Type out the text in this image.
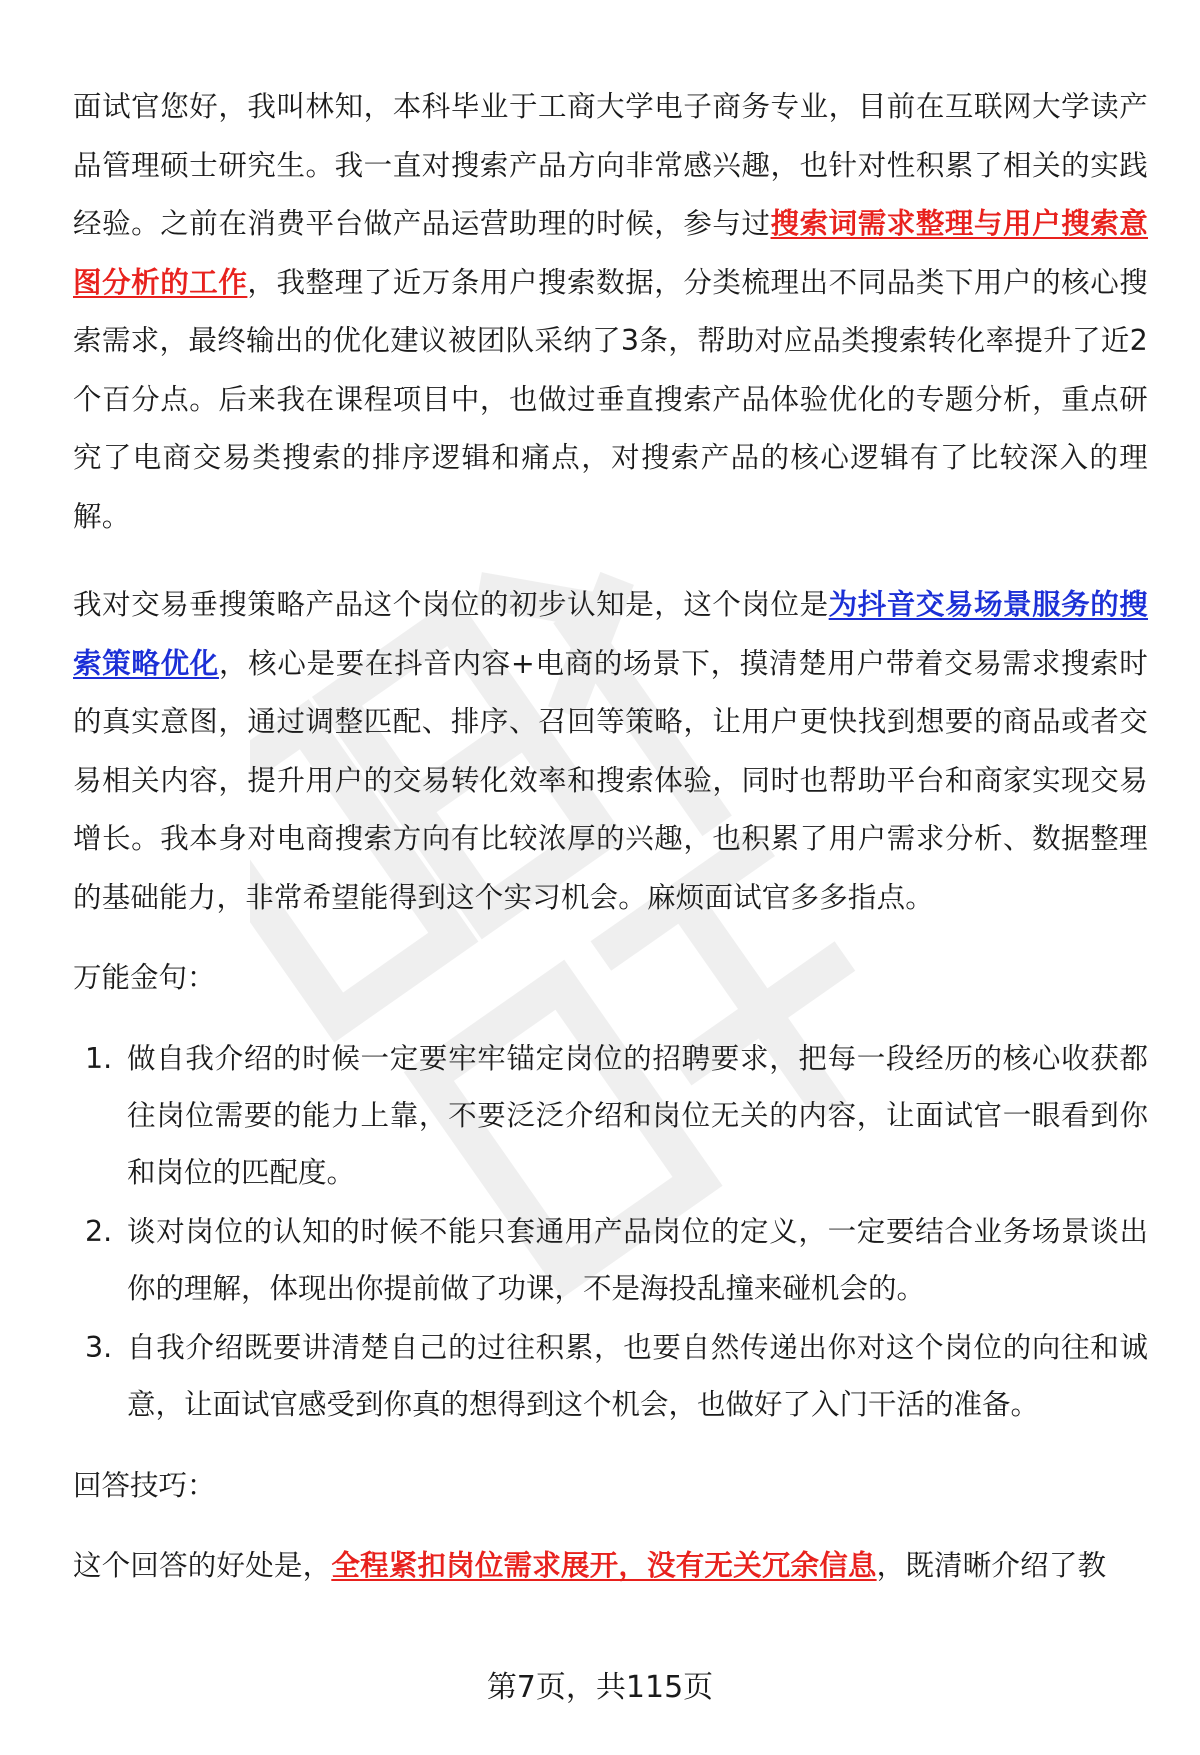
面试官您好，我叫林知，本科毕业于工商大学电子商务专业，目前在互联网大学读产品管理硕士研究生。我一直对搜索产品方向非常感兴趣，也针对性积累了相关的实践经验。之前在消费平台做产品运营助理的时候，参与过搜索词需求整理与用户搜索意图分析的工作，我整理了近万条用户搜索数据，分类梳理出不同品类下用户的核心搜索需求，最终输出的优化建议被团队采纳了3条，帮助对应品类搜索转化率提升了近2个百分点。后来我在课程项目中，也做过垂直搜索产品体验优化的专题分析，重点研究了电商交易类搜索的排序逻辑和痛点，对搜索产品的核心逻辑有了比较深入的理解。

我对交易垂搜策略产品这个岗位的初步认知是，这个岗位是为抖音交易场景服务的搜索策略优化，核心是要在抖音内容+电商的场景下，摸清楚用户带着交易需求搜索时的真实意图，通过调整匹配、排序、召回等策略，让用户更快找到想要的商品或者交易相关内容，提升用户的交易转化效率和搜索体验，同时也帮助平台和商家实现交易增长。我本身对电商搜索方向有比较浓厚的兴趣，也积累了用户需求分析、数据整理的基础能力，非常希望能得到这个实习机会。麻烦面试官多多指点。

万能金句：

1. 做自我介绍的时候一定要牢牢锚定岗位的招聘要求，把每一段经历的核心收获都往岗位需要的能力上靠，不要泛泛介绍和岗位无关的内容，让面试官一眼看到你和岗位的匹配度。
2. 谈对岗位的认知的时候不能只套通用产品岗位的定义，一定要结合业务场景谈出你的理解，体现出你提前做了功课，不是海投乱撞来碰机会的。
3. 自我介绍既要讲清楚自己的过往积累，也要自然传递出你对这个岗位的向往和诚意，让面试官感受到你真的想得到这个机会，也做好了入门干活的准备。

回答技巧：

这个回答的好处是，全程紧扣岗位需求展开，没有无关冗余信息，既清晰介绍了教

第7页，共115页
